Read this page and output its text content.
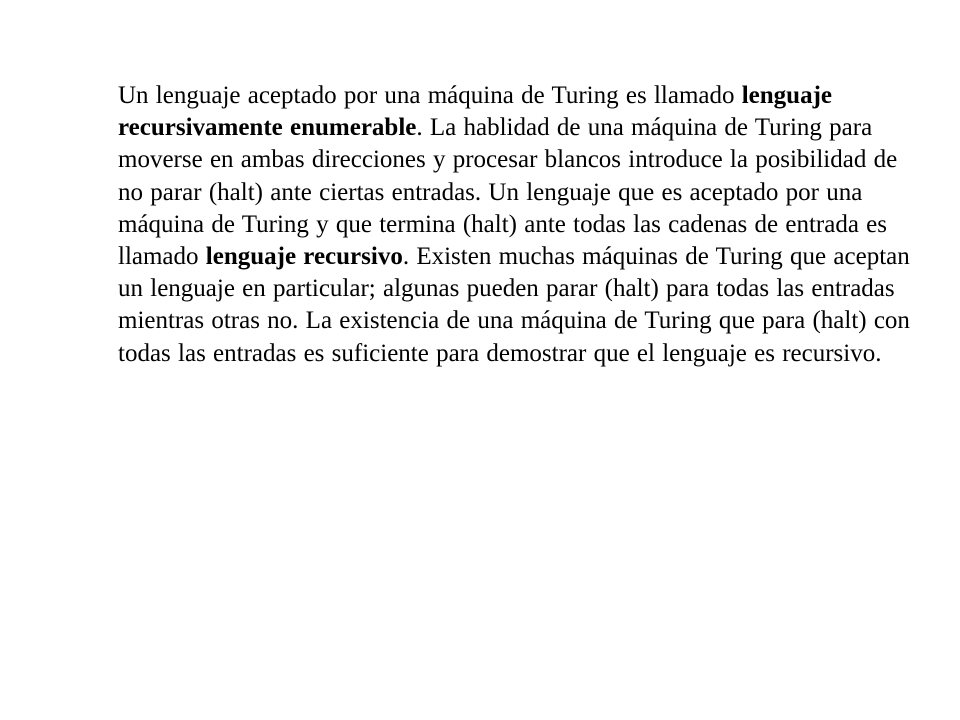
Un lenguaje aceptado por una máquina de Turing es llamado lenguaje recursivamente enumerable. La hablidad de una máquina de Turing para moverse en ambas direcciones y procesar blancos introduce la posibilidad de no parar (halt) ante ciertas entradas. Un lenguaje que es aceptado por una máquina de Turing y que termina (halt) ante todas las cadenas de entrada es llamado lenguaje recursivo. Existen muchas máquinas de Turing que aceptan un lenguaje en particular; algunas pueden parar (halt) para todas las entradas mientras otras no. La existencia de una máquina de Turing que para (halt) con todas las entradas es suficiente para demostrar que el lenguaje es recursivo.
